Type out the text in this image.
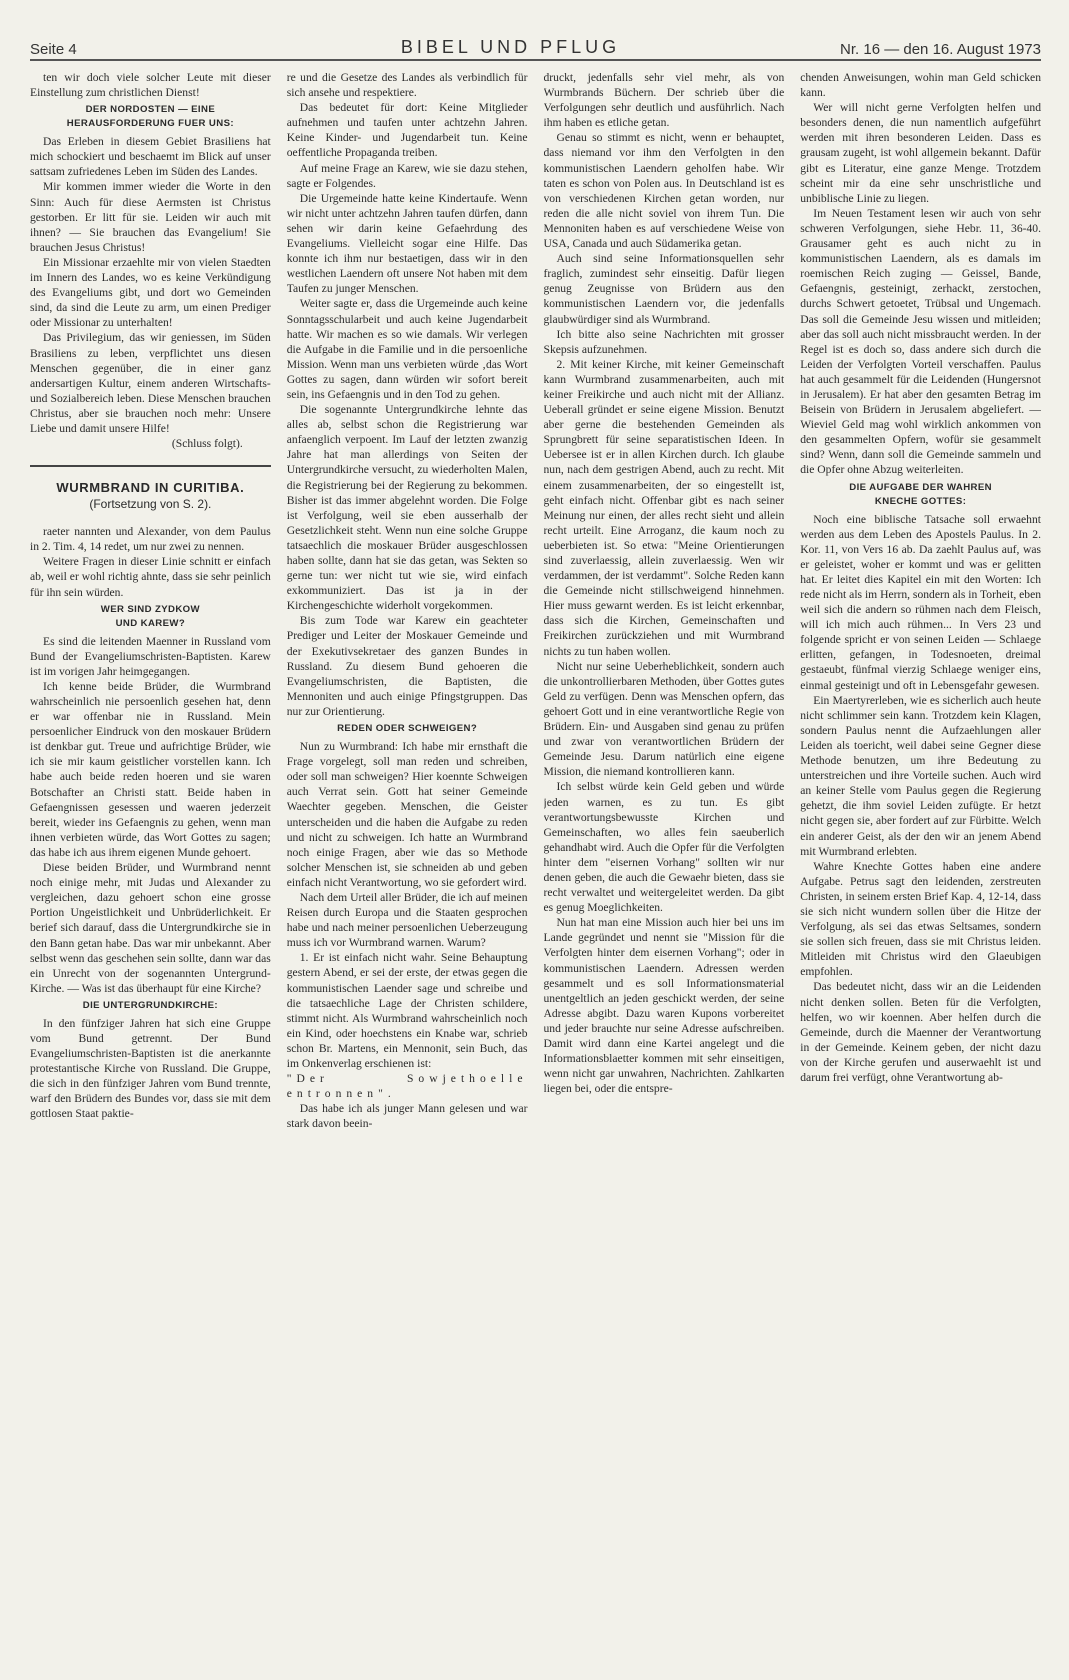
Seite 4	BIBEL UND PFLUG	Nr. 16 — den 16. August 1973

ten wir doch viele solcher Leute mit dieser Einstellung zum christlichen Dienst!

DER NORDOSTEN — EINE
HERAUSFORDERUNG FUER UNS:

Das Erleben in diesem Gebiet Brasiliens hat mich schockiert und beschaemt im Blick auf unser sattsam zufriedenes Leben im Süden des Landes.

Mir kommen immer wieder die Worte in den Sinn: Auch für diese Aermsten ist Christus gestorben. Er litt für sie. Leiden wir auch mit ihnen? — Sie brauchen das Evangelium! Sie brauchen Jesus Christus!

Ein Missionar erzaehlte mir von vielen Staedten im Innern des Landes, wo es keine Verkündigung des Evangeliums gibt, und dort wo Gemeinden sind, da sind die Leute zu arm, um einen Prediger oder Missionar zu unterhalten!

Das Privilegium, das wir geniessen, im Süden Brasiliens zu leben, verpflichtet uns diesen Menschen gegenüber, die in einer ganz andersartigen Kultur, einem anderen Wirtschafts- und Sozialbereich leben. Diese Menschen brauchen Christus, aber sie brauchen noch mehr: Unsere Liebe und damit unsere Hilfe!

(Schluss folgt).

WURMBRAND IN CURITIBA.
(Fortsetzung von S. 2).

raeter nannten und Alexander, von dem Paulus in 2. Tim. 4, 14 redet, um nur zwei zu nennen.

Weitere Fragen in dieser Linie schnitt er einfach ab, weil er wohl richtig ahnte, dass sie sehr peinlich für ihn sein würden.

WER SIND ZYDKOW
UND KAREW?

Es sind die leitenden Maenner in Russland vom Bund der Evangeliumschristen-Baptisten. Karew ist im vorigen Jahr heimgegangen.

Ich kenne beide Brüder, die Wurmbrand wahrscheinlich nie persoenlich gesehen hat, denn er war offenbar nie in Russland. Mein persoenlicher Eindruck von den moskauer Brüdern ist denkbar gut. Treue und aufrichtige Brüder, wie ich sie mir kaum geistlicher vorstellen kann. Ich habe auch beide reden hoeren und sie waren Botschafter an Christi statt. Beide haben in Gefaengnissen gesessen und waeren jederzeit bereit, wieder ins Gefaengnis zu gehen, wenn man ihnen verbieten würde, das Wort Gottes zu sagen; das habe ich aus ihrem eigenen Munde gehoert.

Diese beiden Brüder, und Wurmbrand nennt noch einige mehr, mit Judas und Alexander zu vergleichen, dazu gehoert schon eine grosse Portion Ungeistlichkeit und Unbrüderlichkeit. Er berief sich darauf, dass die Untergrundkirche sie in den Bann getan habe. Das war mir unbekannt. Aber selbst wenn das geschehen sein sollte, dann war das ein Unrecht von der sogenannten Untergrund-Kirche. — Was ist das überhaupt für eine Kirche?

DIE UNTERGRUNDKIRCHE:

In den fünfziger Jahren hat sich eine Gruppe vom Bund getrennt. Der Bund Evangeliumschristen-Baptisten ist die anerkannte protestantische Kirche von Russland. Die Gruppe, die sich in den fünfziger Jahren vom Bund trennte, warf den Brüdern des Bundes vor, dass sie mit dem gottlosen Staat paktie-

re und die Gesetze des Landes als verbindlich für sich ansehe und respektiere.

Das bedeutet für dort: Keine Mitglieder aufnehmen und taufen unter achtzehn Jahren. Keine Kinder- und Jugendarbeit tun. Keine oeffentliche Propaganda treiben.

Auf meine Frage an Karew, wie sie dazu stehen, sagte er Folgendes.

Die Urgemeinde hatte keine Kindertaufe. Wenn wir nicht unter achtzehn Jahren taufen dürfen, dann sehen wir darin keine Gefaehrdung des Evangeliums. Vielleicht sogar eine Hilfe. Das konnte ich ihm nur bestaetigen, dass wir in den westlichen Laendern oft unsere Not haben mit dem Taufen zu junger Menschen.

Weiter sagte er, dass die Urgemeinde auch keine Sonntagsschularbeit und auch keine Jugendarbeit hatte. Wir machen es so wie damals. Wir verlegen die Aufgabe in die Familie und in die persoenliche Mission. Wenn man uns verbieten würde ‚das Wort Gottes zu sagen, dann würden wir sofort bereit sein, ins Gefaengnis und in den Tod zu gehen.

Die sogenannte Untergrundkirche lehnte das alles ab, selbst schon die Registrierung war anfaenglich verpoent. Im Lauf der letzten zwanzig Jahre hat man allerdings von Seiten der Untergrundkirche versucht, zu wiederholten Malen, die Registrierung bei der Regierung zu bekommen. Bisher ist das immer abgelehnt worden. Die Folge ist Verfolgung, weil sie eben ausserhalb der Gesetzlichkeit steht. Wenn nun eine solche Gruppe tatsaechlich die moskauer Brüder ausgeschlossen haben sollte, dann hat sie das getan, was Sekten so gerne tun: wer nicht tut wie sie, wird einfach exkommuniziert. Das ist ja in der Kirchengeschichte widerholt vorgekommen.

Bis zum Tode war Karew ein geachteter Prediger und Leiter der Moskauer Gemeinde und der Exekutivsekretaer des ganzen Bundes in Russland. Zu diesem Bund gehoeren die Evangeliumschristen, die Baptisten, die Mennoniten und auch einige Pfingstgruppen. Das nur zur Orientierung.

REDEN ODER SCHWEIGEN?

Nun zu Wurmbrand: Ich habe mir ernsthaft die Frage vorgelegt, soll man reden und schreiben, oder soll man schweigen? Hier koennte Schweigen auch Verrat sein. Gott hat seiner Gemeinde Waechter gegeben. Menschen, die Geister unterscheiden und die haben die Aufgabe zu reden und nicht zu schweigen. Ich hatte an Wurmbrand noch einige Fragen, aber wie das so Methode solcher Menschen ist, sie schneiden ab und geben einfach nicht Verantwortung, wo sie gefordert wird.

Nach dem Urteil aller Brüder, die ich auf meinen Reisen durch Europa und die Staaten gesprochen habe und nach meiner persoenlichen Ueberzeugung muss ich vor Wurmbrand warnen. Warum?

1. Er ist einfach nicht wahr. Seine Behauptung gestern Abend, er sei der erste, der etwas gegen die kommunistischen Laender sage und schreibe und die tatsaechliche Lage der Christen schildere, stimmt nicht. Als Wurmbrand wahrscheinlich noch ein Kind, oder hoechstens ein Knabe war, schrieb schon Br. Martens, ein Mennonit, sein Buch, das im Onkenverlag erschienen ist:

"Der Sowjethoelle entronnen".

Das habe ich als junger Mann gelesen und war stark davon beein-

druckt, jedenfalls sehr viel mehr, als von Wurmbrands Büchern. Der schrieb über die Verfolgungen sehr deutlich und ausführlich. Nach ihm haben es etliche getan.

Genau so stimmt es nicht, wenn er behauptet, dass niemand vor ihm den Verfolgten in den kommunistischen Laendern geholfen habe. Wir taten es schon von Polen aus. In Deutschland ist es von verschiedenen Kirchen getan worden, nur reden die alle nicht soviel von ihrem Tun. Die Mennoniten haben es auf verschiedene Weise von USA, Canada und auch Südamerika getan.

Auch sind seine Informationsquellen sehr fraglich, zumindest sehr einseitig. Dafür liegen genug Zeugnisse von Brüdern aus den kommunistischen Laendern vor, die jedenfalls glaubwürdiger sind als Wurmbrand.

Ich bitte also seine Nachrichten mit grosser Skepsis aufzunehmen.

2. Mit keiner Kirche, mit keiner Gemeinschaft kann Wurmbrand zusammenarbeiten, auch mit keiner Freikirche und auch nicht mit der Allianz. Ueberall gründet er seine eigene Mission. Benutzt aber gerne die bestehenden Gemeinden als Sprungbrett für seine separatistischen Ideen. In Uebersee ist er in allen Kirchen durch. Ich glaube nun, nach dem gestrigen Abend, auch zu recht. Mit einem zusammenarbeiten, der so eingestellt ist, geht einfach nicht. Offenbar gibt es nach seiner Meinung nur einen, der alles recht sieht und allein recht urteilt. Eine Arroganz, die kaum noch zu ueberbieten ist. So etwa: "Meine Orientierungen sind zuverlaessig, allein zuverlaessig. Wen wir verdammen, der ist verdammt". Solche Reden kann die Gemeinde nicht stillschweigend hinnehmen. Hier muss gewarnt werden. Es ist leicht erkennbar, dass sich die Kirchen, Gemeinschaften und Freikirchen zurückziehen und mit Wurmbrand nichts zu tun haben wollen.

Nicht nur seine Ueberheblichkeit, sondern auch die unkontrollierbaren Methoden, über Gottes gutes Geld zu verfügen. Denn was Menschen opfern, das gehoert Gott und in eine verantwortliche Regie von Brüdern. Ein- und Ausgaben sind genau zu prüfen und zwar von verantwortlichen Brüdern der Gemeinde Jesu. Darum natürlich eine eigene Mission, die niemand kontrollieren kann.

Ich selbst würde kein Geld geben und würde jeden warnen, es zu tun. Es gibt verantwortungsbewusste Kirchen und Gemeinschaften, wo alles fein saeuberlich gehandhabt wird. Auch die Opfer für die Verfolgten hinter dem "eisernen Vorhang" sollten wir nur denen geben, die auch die Gewaehr bieten, dass sie recht verwaltet und weitergeleitet werden. Da gibt es genug Moeglichkeiten.

Nun hat man eine Mission auch hier bei uns im Lande gegründet und nennt sie "Mission für die Verfolgten hinter dem eisernen Vorhang"; oder in kommunistischen Laendern. Adressen werden gesammelt und es soll Informationsmaterial unentgeltlich an jeden geschickt werden, der seine Adresse abgibt. Dazu waren Kupons vorbereitet und jeder brauchte nur seine Adresse aufschreiben. Damit wird dann eine Kartei angelegt und die Informationsblaetter kommen mit sehr einseitigen, wenn nicht gar unwahren, Nachrichten. Zahlkarten liegen bei, oder die entspre-

chenden Anweisungen, wohin man Geld schicken kann.

Wer will nicht gerne Verfolgten helfen und besonders denen, die nun namentlich aufgeführt werden mit ihren besonderen Leiden. Dass es grausam zugeht, ist wohl allgemein bekannt. Dafür gibt es Literatur, eine ganze Menge. Trotzdem scheint mir da eine sehr unschristliche und unbiblische Linie zu liegen.

Im Neuen Testament lesen wir auch von sehr schweren Verfolgungen, siehe Hebr. 11, 36-40. Grausamer geht es auch nicht zu in kommunistischen Laendern, als es damals im roemischen Reich zuging — Geissel, Bande, Gefaengnis, gesteinigt, zerhackt, zerstochen, durchs Schwert getoetet, Trübsal und Ungemach. Das soll die Gemeinde Jesu wissen und mitleiden; aber das soll auch nicht missbraucht werden. In der Regel ist es doch so, dass andere sich durch die Leiden der Verfolgten Vorteil verschaffen. Paulus hat auch gesammelt für die Leidenden (Hungersnot in Jerusalem). Er hat aber den gesamten Betrag im Beisein von Brüdern in Jerusalem abgeliefert. — Wieviel Geld mag wohl wirklich ankommen von den gesammelten Opfern, wofür sie gesammelt sind? Wenn, dann soll die Gemeinde sammeln und die Opfer ohne Abzug weiterleiten.

DIE AUFGABE DER WAHREN
KNECHE GOTTES:

Noch eine biblische Tatsache soll erwaehnt werden aus dem Leben des Apostels Paulus. In 2. Kor. 11, von Vers 16 ab. Da zaehlt Paulus auf, was er geleistet, woher er kommt und was er gelitten hat. Er leitet dies Kapitel ein mit den Worten: Ich rede nicht als im Herrn, sondern als in Torheit, eben weil sich die andern so rühmen nach dem Fleisch, will ich mich auch rühmen... In Vers 23 und folgende spricht er von seinen Leiden — Schlaege erlitten, gefangen, in Todesnoeten, dreimal gestaeubt, fünfmal vierzig Schlaege weniger eins, einmal gesteinigt und oft in Lebensgefahr gewesen.

Ein Maertyrerleben, wie es sicherlich auch heute nicht schlimmer sein kann. Trotzdem kein Klagen, sondern Paulus nennt die Aufzaehlungen aller Leiden als toericht, weil dabei seine Gegner diese Methode benutzen, um ihre Bedeutung zu unterstreichen und ihre Vorteile suchen. Auch wird an keiner Stelle vom Paulus gegen die Regierung gehetzt, die ihm soviel Leiden zufügte. Er hetzt nicht gegen sie, aber fordert auf zur Fürbitte. Welch ein anderer Geist, als der den wir an jenem Abend mit Wurmbrand erlebten.

Wahre Knechte Gottes haben eine andere Aufgabe. Petrus sagt den leidenden, zerstreuten Christen, in seinem ersten Brief Kap. 4, 12-14, dass sie sich nicht wundern sollen über die Hitze der Verfolgung, als sei das etwas Seltsames, sondern sie sollen sich freuen, dass sie mit Christus leiden. Mitleiden mit Christus wird den Glaeubigen empfohlen.

Das bedeutet nicht, dass wir an die Leidenden nicht denken sollen. Beten für die Verfolgten, helfen, wo wir koennen. Aber helfen durch die Gemeinde, durch die Maenner der Verantwortung in der Gemeinde. Keinem geben, der nicht dazu von der Kirche gerufen und auserwaehlt ist und darum frei verfügt, ohne Verantwortung ab-
